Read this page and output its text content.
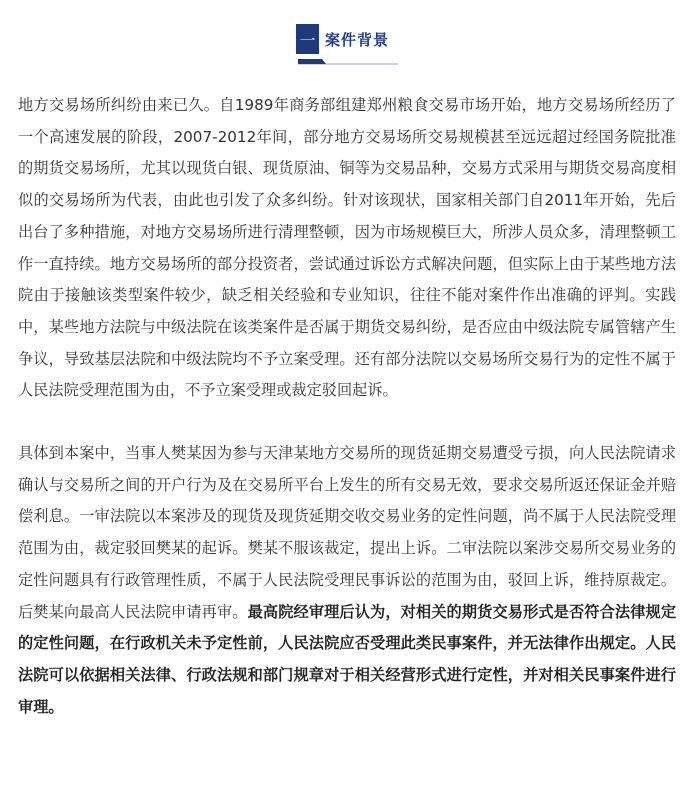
一 案件背景

地方交易场所纠纷由来已久。自1989年商务部组建郑州粮食交易市场开始，地方交易场所经历了一个高速发展的阶段，2007-2012年间，部分地方交易场所交易规模甚至远远超过经国务院批准的期货交易场所，尤其以现货白银、现货原油、铜等为交易品种，交易方式采用与期货交易高度相似的交易场所为代表，由此也引发了众多纠纷。针对该现状，国家相关部门自2011年开始，先后出台了多种措施，对地方交易场所进行清理整顿，因为市场规模巨大，所涉人员众多，清理整顿工作一直持续。地方交易场所的部分投资者，尝试通过诉讼方式解决问题，但实际上由于某些地方法院由于接触该类型案件较少，缺乏相关经验和专业知识，往往不能对案件作出准确的评判。实践中，某些地方法院与中级法院在该类案件是否属于期货交易纠纷，是否应由中级法院专属管辖产生争议，导致基层法院和中级法院均不予立案受理。还有部分法院以交易场所交易行为的定性不属于人民法院受理范围为由，不予立案受理或裁定驳回起诉。

具体到本案中，当事人樊某因为参与天津某地方交易所的现货延期交易遭受亏损，向人民法院请求确认与交易所之间的开户行为及在交易所平台上发生的所有交易无效，要求交易所返还保证金并赔偿利息。一审法院以本案涉及的现货及现货延期交收交易业务的定性问题，尚不属于人民法院受理范围为由，裁定驳回樊某的起诉。樊某不服该裁定，提出上诉。二审法院以案涉交易所交易业务的定性问题具有行政管理性质，不属于人民法院受理民事诉讼的范围为由，驳回上诉，维持原裁定。后樊某向最高人民法院申请再审。最高院经审理后认为，对相关的期货交易形式是否符合法律规定的定性问题，在行政机关未予定性前，人民法院应否受理此类民事案件，并无法律作出规定。人民法院可以依据相关法律、行政法规和部门规章对于相关经营形式进行定性，并对相关民事案件进行审理。
